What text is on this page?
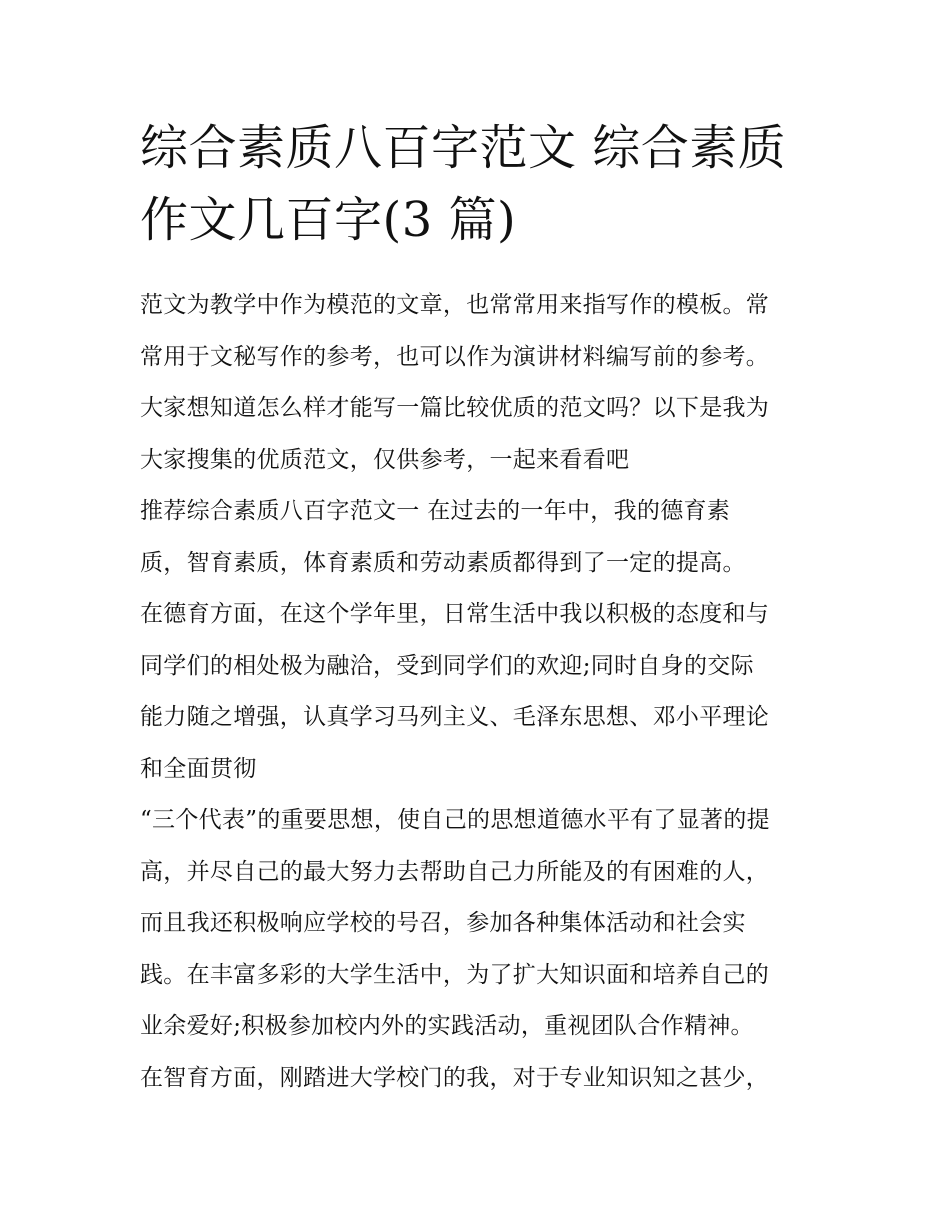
综合素质八百字范文 综合素质
作文几百字(3 篇)
范文为教学中作为模范的文章，也常常用来指写作的模板。常
常用于文秘写作的参考，也可以作为演讲材料编写前的参考。
大家想知道怎么样才能写一篇比较优质的范文吗？以下是我为
大家搜集的优质范文，仅供参考，一起来看看吧
推荐综合素质八百字范文一 在过去的一年中，我的德育素
质，智育素质，体育素质和劳动素质都得到了一定的提高。
在德育方面，在这个学年里，日常生活中我以积极的态度和与
同学们的相处极为融洽，受到同学们的欢迎;同时自身的交际
能力随之增强，认真学习马列主义、毛泽东思想、邓小平理论
和全面贯彻
“三个代表”的重要思想，使自己的思想道德水平有了显著的提
高，并尽自己的最大努力去帮助自己力所能及的有困难的人，
而且我还积极响应学校的号召，参加各种集体活动和社会实
践。在丰富多彩的大学生活中，为了扩大知识面和培养自己的
业余爱好;积极参加校内外的实践活动，重视团队合作精神。
在智育方面，刚踏进大学校门的我，对于专业知识知之甚少，
